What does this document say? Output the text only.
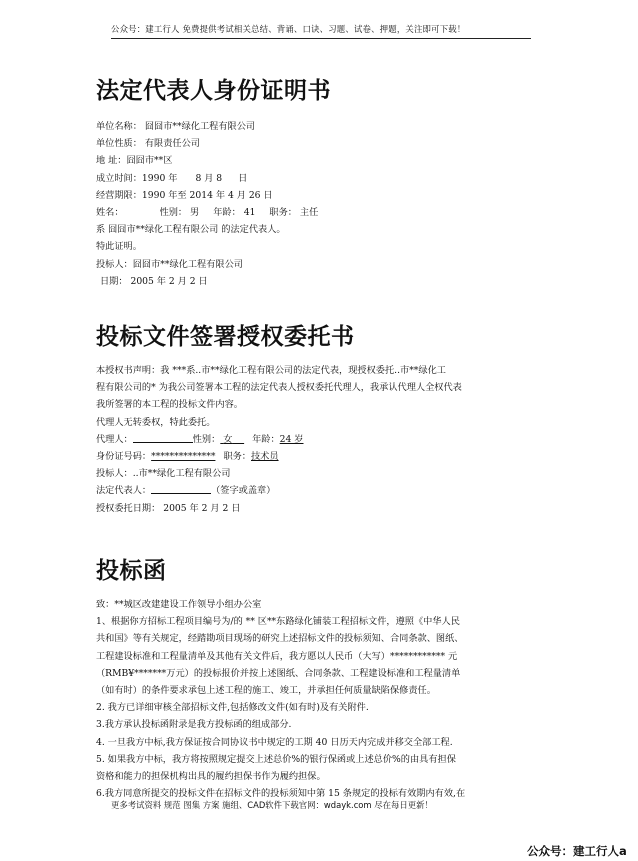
公众号：建工行人 免费提供考试相关总结、背诵、口诀、习题、试卷、押题，关注即可下载！
法定代表人身份证明书
单位名称： 囧囧市**绿化工程有限公司
单位性质： 有限责任公司
地 址：囧囧市**区
成立时间：1990 年 8 月 8 日
经营期限：1990 年至 2014 年 4 月 26 日
姓名：	性别： 男 年龄： 41 职务： 主任
系 囧囧市**绿化工程有限公司 的法定代表人。
特此证明。
投标人：囧囧市**绿化工程有限公司
日期： 2005 年 2 月 2 日
投标文件签署授权委托书
本授权书声明：我 ***系..市**绿化工程有限公司的法定代表，现授权委托..市**绿化工
程有限公司的* 为我公司签署本工程的法定代表人授权委托代理人，我承认代理人全权代表
我所签署的本工程的投标文件内容。
代理人无转委权，特此委托。
代理人：	性别： 女 年龄：24 岁
身份证号码：************** 职务：技术员
投标人：..市**绿化工程有限公司
法定代表人：	（签字或盖章）
授权委托日期： 2005 年 2 月 2 日
投标函
致：**城区改建建设工作领导小组办公室
1、根据你方招标工程项目编号为/的 ** 区**东路绿化铺装工程招标文件，遵照《中华人民
共和国》等有关规定，经踏勘项目现场的研究上述招标文件的投标须知、合同条款、图纸、
工程建设标准和工程量清单及其他有关文件后，我方愿以人民币（大写）************ 元
（RMB¥*******万元）的投标报价并按上述图纸、合同条款、工程建设标准和工程量清单
（如有时）的条件要求承包上述工程的施工、竣工，并承担任何质量缺陷保修责任。
2. 我方已详细审核全部招标文件,包括修改文件(如有时)及有关附件.
3.我方承认投标函附录是我方投标函的组成部分.
4. 一旦我方中标,我方保证按合同协议书中规定的工期 40 日历天内完成并移交全部工程.
5. 如果我方中标，我方将按照规定提交上述总价%的银行保函或上述总价%的由具有担保
资格和能力的担保机构出具的履约担保书作为履约担保。
6.我方同意所提交的投标文件在招标文件的投标须知中第 15 条规定的投标有效期内有效,在
更多考试资料 规范 图集 方案 施组、CAD软件下载官网：wdayk.com 尽在每日更新！
公众号：建工行人a
